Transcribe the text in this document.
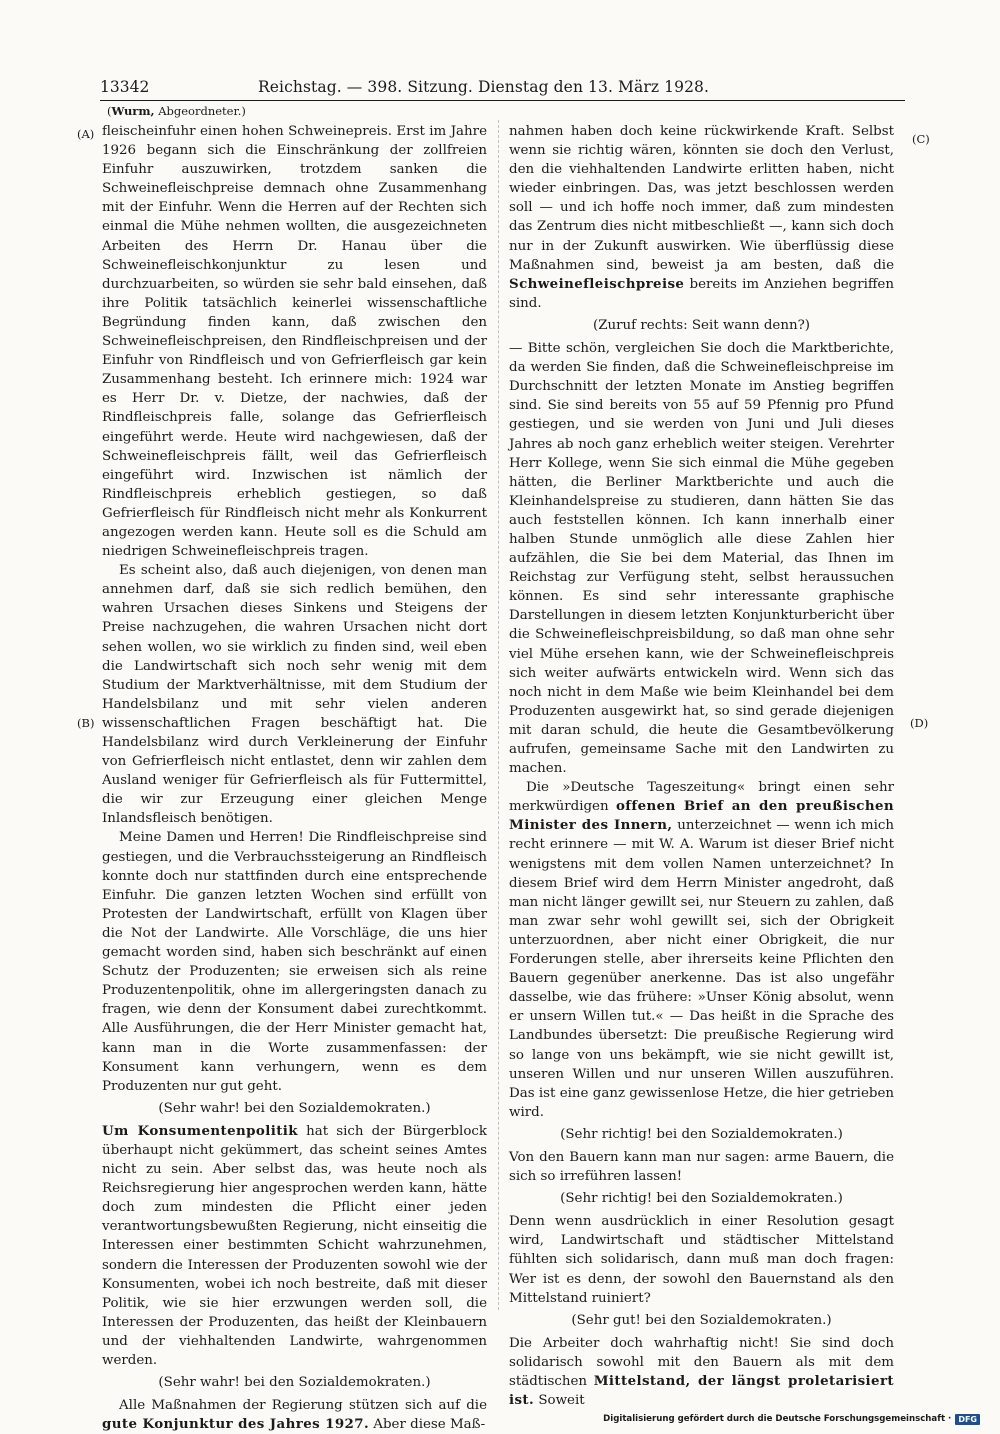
13342	Reichstag. — 398. Sitzung. Dienstag den 13. März 1928.
(Wurm, Abgeordneter.)
(A)
(B)
(C)
(D)

fleischeinfuhr einen hohen Schweinepreis. Erst im Jahre 1926 begann sich die Einschränkung der zollfreien Einfuhr auszuwirken, trotzdem sanken die Schweinefleischpreise demnach ohne Zusammenhang mit der Einfuhr. Wenn die Herren auf der Rechten sich einmal die Mühe nehmen wollten, die ausgezeichneten Arbeiten des Herrn Dr. Hanau über die Schweinefleischkonjunktur zu lesen und durchzuarbeiten, so würden sie sehr bald einsehen, daß ihre Politik tatsächlich keinerlei wissenschaftliche Begründung finden kann, daß zwischen den Schweinefleischpreisen, den Rindfleischpreisen und der Einfuhr von Rindfleisch und von Gefrierfleisch gar kein Zusammenhang besteht. Ich erinnere mich: 1924 war es Herr Dr. v. Dietze, der nachwies, daß der Rindfleischpreis falle, solange das Gefrierfleisch eingeführt werde. Heute wird nachgewiesen, daß der Schweinefleischpreis fällt, weil das Gefrierfleisch eingeführt wird. Inzwischen ist nämlich der Rindfleischpreis erheblich gestiegen, so daß Gefrierfleisch für Rindfleisch nicht mehr als Konkurrent angezogen werden kann. Heute soll es die Schuld am niedrigen Schweinefleischpreis tragen.

Es scheint also, daß auch diejenigen, von denen man annehmen darf, daß sie sich redlich bemühen, den wahren Ursachen dieses Sinkens und Steigens der Preise nachzugehen, die wahren Ursachen nicht dort sehen wollen, wo sie wirklich zu finden sind, weil eben die Landwirtschaft sich noch sehr wenig mit dem Studium der Marktverhältnisse, mit dem Studium der Handelsbilanz und mit sehr vielen anderen wissenschaftlichen Fragen beschäftigt hat. Die Handelsbilanz wird durch Verkleinerung der Einfuhr von Gefrierfleisch nicht entlastet, denn wir zahlen dem Ausland weniger für Gefrierfleisch als für Futtermittel, die wir zur Erzeugung einer gleichen Menge Inlandsfleisch benötigen.

Meine Damen und Herren! Die Rindfleischpreise sind gestiegen, und die Verbrauchssteigerung an Rindfleisch konnte doch nur stattfinden durch eine entsprechende Einfuhr. Die ganzen letzten Wochen sind erfüllt von Protesten der Landwirtschaft, erfüllt von Klagen über die Not der Landwirte. Alle Vorschläge, die uns hier gemacht worden sind, haben sich beschränkt auf einen Schutz der Produzenten; sie erweisen sich als reine Produzentenpolitik, ohne im allergeringsten danach zu fragen, wie denn der Konsument dabei zurechtkommt. Alle Ausführungen, die der Herr Minister gemacht hat, kann man in die Worte zusammenfassen: der Konsument kann verhungern, wenn es dem Produzenten nur gut geht.

(Sehr wahr! bei den Sozialdemokraten.)

Um Konsumentenpolitik hat sich der Bürgerblock überhaupt nicht gekümmert, das scheint seines Amtes nicht zu sein. Aber selbst das, was heute noch als Reichsregierung hier angesprochen werden kann, hätte doch zum mindesten die Pflicht einer jeden verantwortungsbewußten Regierung, nicht einseitig die Interessen einer bestimmten Schicht wahrzunehmen, sondern die Interessen der Produzenten sowohl wie der Konsumenten, wobei ich noch bestreite, daß mit dieser Politik, wie sie hier erzwungen werden soll, die Interessen der Produzenten, das heißt der Kleinbauern und der viehhaltenden Landwirte, wahrgenommen werden.

(Sehr wahr! bei den Sozialdemokraten.)

Alle Maßnahmen der Regierung stützen sich auf die gute Konjunktur des Jahres 1927. Aber diese Maß-

nahmen haben doch keine rückwirkende Kraft. Selbst wenn sie richtig wären, könnten sie doch den Verlust, den die viehhaltenden Landwirte erlitten haben, nicht wieder einbringen. Das, was jetzt beschlossen werden soll — und ich hoffe noch immer, daß zum mindesten das Zentrum dies nicht mitbeschließt —, kann sich doch nur in der Zukunft auswirken. Wie überflüssig diese Maßnahmen sind, beweist ja am besten, daß die Schweinefleischpreise bereits im Anziehen begriffen sind.

(Zuruf rechts: Seit wann denn?)

— Bitte schön, vergleichen Sie doch die Marktberichte, da werden Sie finden, daß die Schweinefleischpreise im Durchschnitt der letzten Monate im Anstieg begriffen sind. Sie sind bereits von 55 auf 59 Pfennig pro Pfund gestiegen, und sie werden von Juni und Juli dieses Jahres ab noch ganz erheblich weiter steigen. Verehrter Herr Kollege, wenn Sie sich einmal die Mühe gegeben hätten, die Berliner Marktberichte und auch die Kleinhandelspreise zu studieren, dann hätten Sie das auch feststellen können. Ich kann innerhalb einer halben Stunde unmöglich alle diese Zahlen hier aufzählen, die Sie bei dem Material, das Ihnen im Reichstag zur Verfügung steht, selbst heraussuchen können. Es sind sehr interessante graphische Darstellungen in diesem letzten Konjunkturbericht über die Schweinefleischpreisbildung, so daß man ohne sehr viel Mühe ersehen kann, wie der Schweinefleischpreis sich weiter aufwärts entwickeln wird. Wenn sich das noch nicht in dem Maße wie beim Kleinhandel bei dem Produzenten ausgewirkt hat, so sind gerade diejenigen mit daran schuld, die heute die Gesamtbevölkerung aufrufen, gemeinsame Sache mit den Landwirten zu machen.

Die »Deutsche Tageszeitung« bringt einen sehr merkwürdigen offenen Brief an den preußischen Minister des Innern, unterzeichnet — wenn ich mich recht erinnere — mit W. A. Warum ist dieser Brief nicht wenigstens mit dem vollen Namen unterzeichnet? In diesem Brief wird dem Herrn Minister angedroht, daß man nicht länger gewillt sei, nur Steuern zu zahlen, daß man zwar sehr wohl gewillt sei, sich der Obrigkeit unterzuordnen, aber nicht einer Obrigkeit, die nur Forderungen stelle, aber ihrerseits keine Pflichten den Bauern gegenüber anerkenne. Das ist also ungefähr dasselbe, wie das frühere: »Unser König absolut, wenn er unsern Willen tut.« — Das heißt in die Sprache des Landbundes übersetzt: Die preußische Regierung wird so lange von uns bekämpft, wie sie nicht gewillt ist, unseren Willen und nur unseren Willen auszuführen. Das ist eine ganz gewissenlose Hetze, die hier getrieben wird.

(Sehr richtig! bei den Sozialdemokraten.)

Von den Bauern kann man nur sagen: arme Bauern, die sich so irreführen lassen!

(Sehr richtig! bei den Sozialdemokraten.)

Denn wenn ausdrücklich in einer Resolution gesagt wird, Landwirtschaft und städtischer Mittelstand fühlten sich solidarisch, dann muß man doch fragen: Wer ist es denn, der sowohl den Bauernstand als den Mittelstand ruiniert?

(Sehr gut! bei den Sozialdemokraten.)

Die Arbeiter doch wahrhaftig nicht! Sie sind doch solidarisch sowohl mit den Bauern als mit dem städtischen Mittelstand, der längst proletarisiert ist. Soweit

Digitalisierung gefördert durch die Deutsche Forschungsgemeinschaft · DFG
